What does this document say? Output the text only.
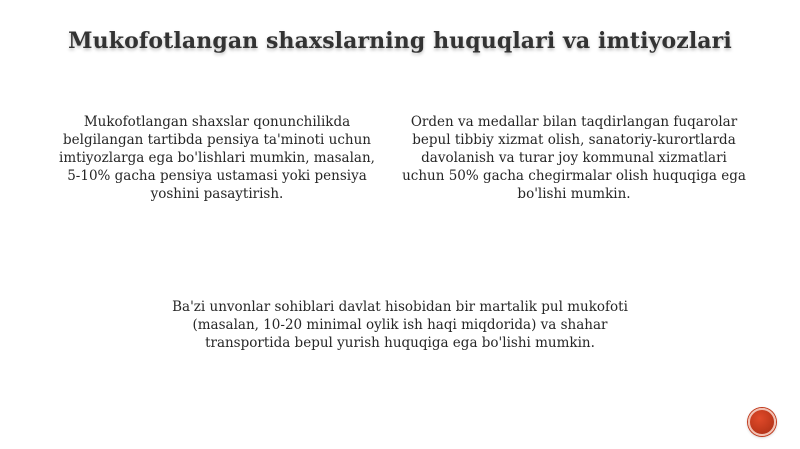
Mukofotlangan shaxslarning huquqlari va imtiyozlari
Mukofotlangan shaxslar qonunchilikda belgilangan tartibda pensiya ta'minoti uchun imtiyozlarga ega bo'lishlari mumkin, masalan, 5-10% gacha pensiya ustamasi yoki pensiya yoshini pasaytirish.
Orden va medallar bilan taqdirlangan fuqarolar bepul tibbiy xizmat olish, sanatoriy-kurortlarda davolanish va turar joy kommunal xizmatlari uchun 50% gacha chegirmalar olish huquqiga ega bo'lishi mumkin.
Ba'zi unvonlar sohiblari davlat hisobidan bir martalik pul mukofoti (masalan, 10-20 minimal oylik ish haqi miqdorida) va shahar transportida bepul yurish huquqiga ega bo'lishi mumkin.
